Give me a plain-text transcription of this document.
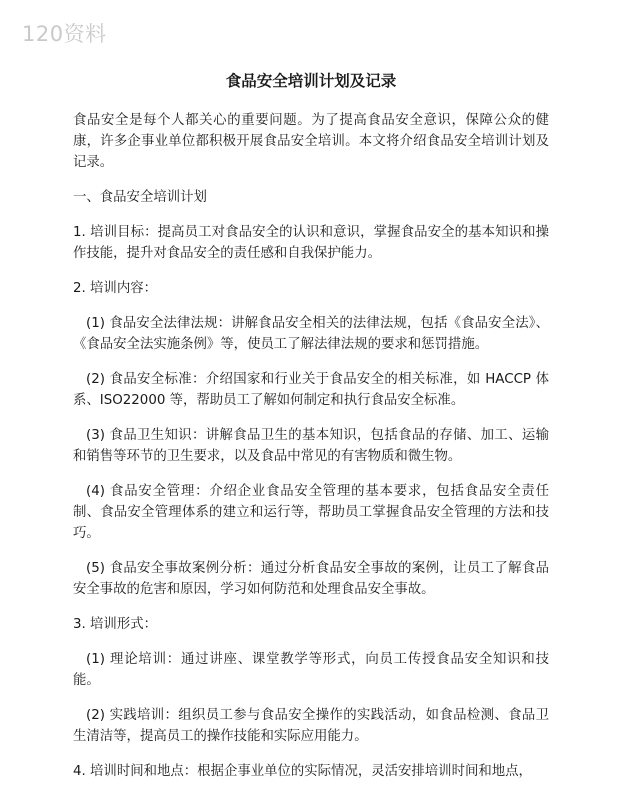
120资料
食品安全培训计划及记录
食品安全是每个人都关心的重要问题。为了提高食品安全意识，保障公众的健康，许多企事业单位都积极开展食品安全培训。本文将介绍食品安全培训计划及记录。
一、食品安全培训计划
1. 培训目标：提高员工对食品安全的认识和意识，掌握食品安全的基本知识和操作技能，提升对食品安全的责任感和自我保护能力。
2. 培训内容：
(1) 食品安全法律法规：讲解食品安全相关的法律法规，包括《食品安全法》、《食品安全法实施条例》等，使员工了解法律法规的要求和惩罚措施。
(2) 食品安全标准：介绍国家和行业关于食品安全的相关标准，如 HACCP 体系、ISO22000 等，帮助员工了解如何制定和执行食品安全标准。
(3) 食品卫生知识：讲解食品卫生的基本知识，包括食品的存储、加工、运输和销售等环节的卫生要求，以及食品中常见的有害物质和微生物。
(4) 食品安全管理：介绍企业食品安全管理的基本要求，包括食品安全责任制、食品安全管理体系的建立和运行等，帮助员工掌握食品安全管理的方法和技巧。
(5) 食品安全事故案例分析：通过分析食品安全事故的案例，让员工了解食品安全事故的危害和原因，学习如何防范和处理食品安全事故。
3. 培训形式：
(1) 理论培训：通过讲座、课堂教学等形式，向员工传授食品安全知识和技能。
(2) 实践培训：组织员工参与食品安全操作的实践活动，如食品检测、食品卫生清洁等，提高员工的操作技能和实际应用能力。
4. 培训时间和地点：根据企事业单位的实际情况，灵活安排培训时间和地点，
